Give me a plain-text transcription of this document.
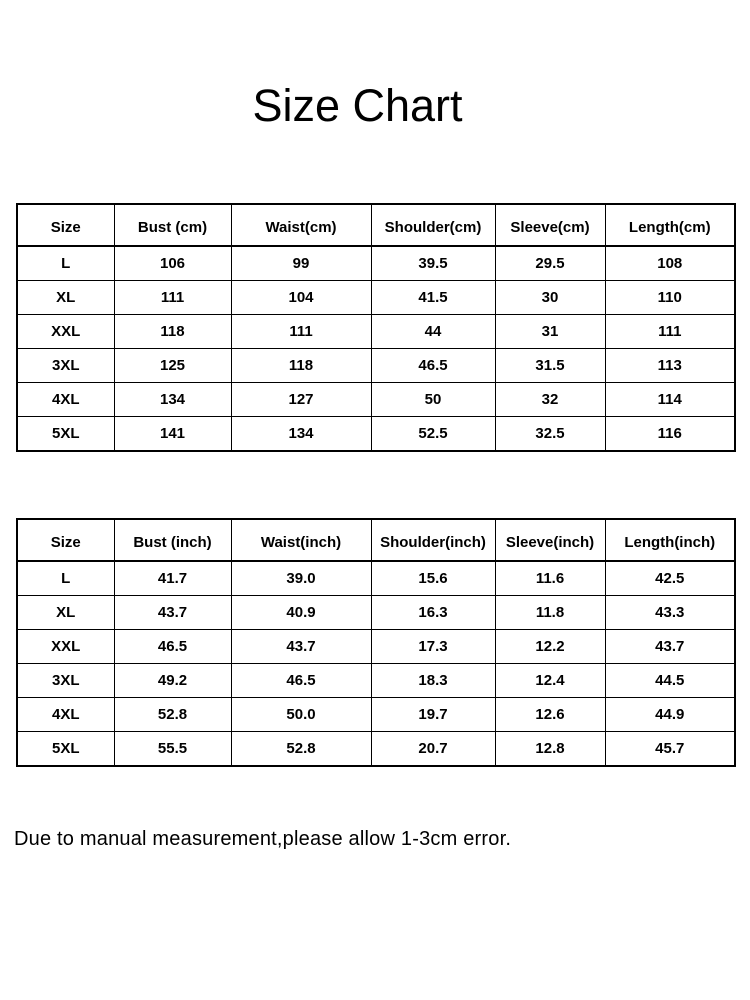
Size Chart
Size	Bust (cm)	Waist(cm)	Shoulder(cm)	Sleeve(cm)	Length(cm)
L	106	99	39.5	29.5	108
XL	111	104	41.5	30	110
XXL	118	111	44	31	111
3XL	125	118	46.5	31.5	113
4XL	134	127	50	32	114
5XL	141	134	52.5	32.5	116
Size	Bust (inch)	Waist(inch)	Shoulder(inch)	Sleeve(inch)	Length(inch)
L	41.7	39.0	15.6	11.6	42.5
XL	43.7	40.9	16.3	11.8	43.3
XXL	46.5	43.7	17.3	12.2	43.7
3XL	49.2	46.5	18.3	12.4	44.5
4XL	52.8	50.0	19.7	12.6	44.9
5XL	55.5	52.8	20.7	12.8	45.7

Due to manual measurement,please allow 1-3cm error.
